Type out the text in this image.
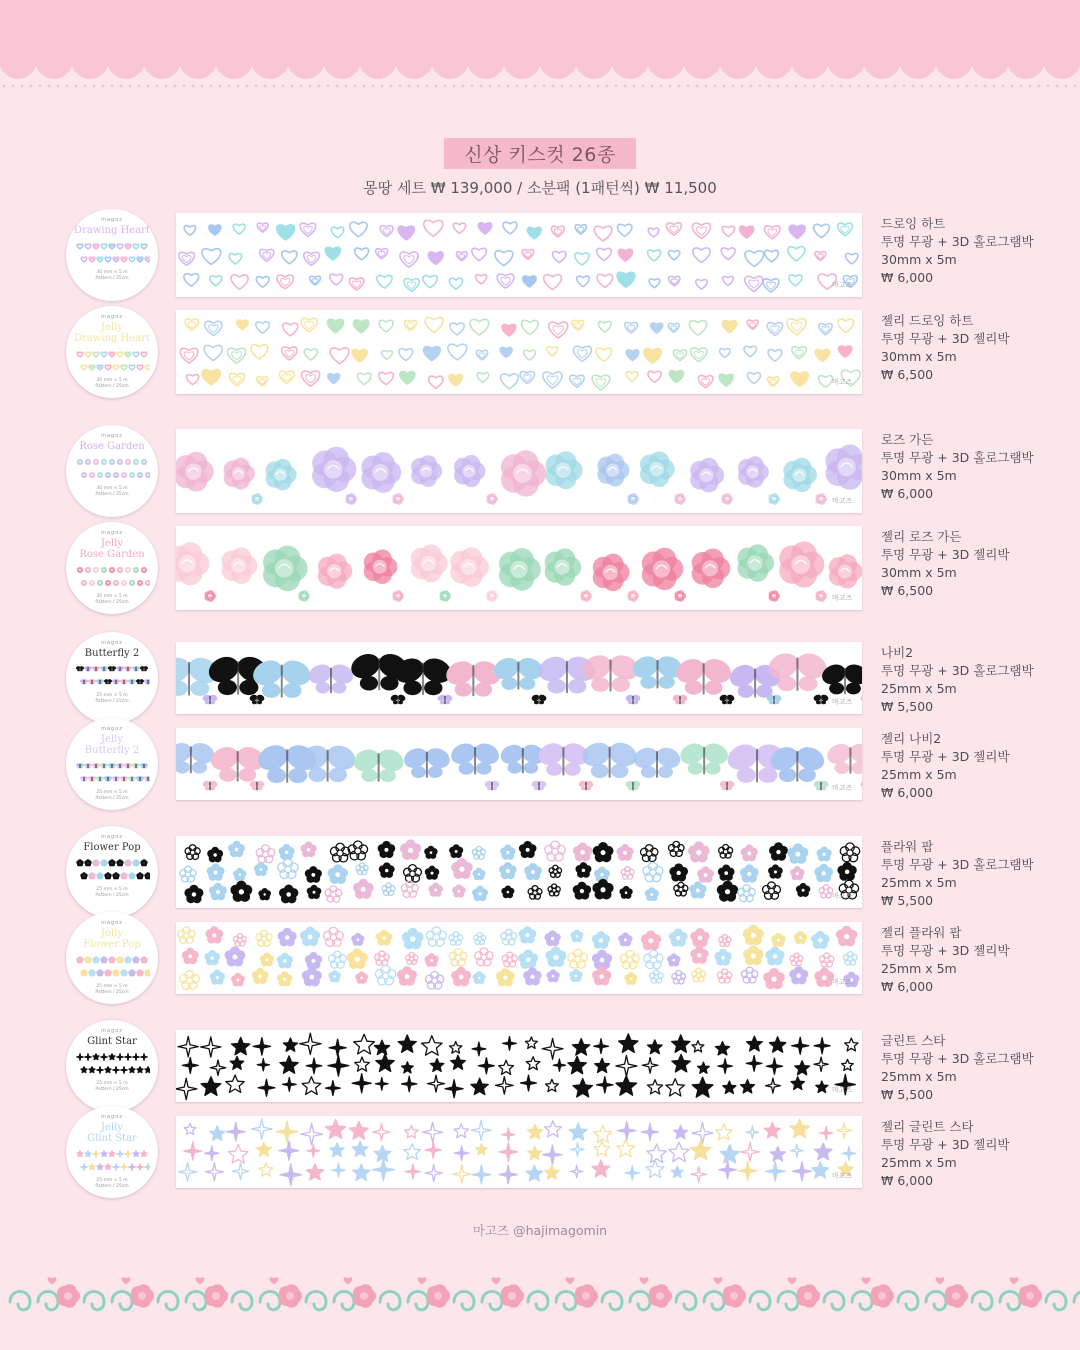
신상 키스컷 26종
몽땅 세트 ₩ 139,000 / 소분팩 (1패턴씩) ₩ 11,500
magoz
Drawing Heart
30 mm × 5 m
Pattern / 25cm
마고즈
드로잉 하트
투명 무광 + 3D 홀로그램박
30mm x 5m
₩ 6,000
magoz
Jelly
Drawing Heart
30 mm × 5 m
Pattern / 25cm
마고즈
젤리 드로잉 하트
투명 무광 + 3D 젤리박
30mm x 5m
₩ 6,500
magoz
Rose Garden
30 mm × 5 m
Pattern / 25cm
마고즈
로즈 가든
투명 무광 + 3D 홀로그램박
30mm x 5m
₩ 6,000
magoz
Jelly
Rose Garden
30 mm × 5 m
Pattern / 25cm
마고즈
젤리 로즈 가든
투명 무광 + 3D 젤리박
30mm x 5m
₩ 6,500
magoz
Butterfly 2
25 mm × 5 m
Pattern / 25cm	마고즈
나비2
투명 무광 + 3D 홀로그램박
25mm x 5m
₩ 5,500
magoz
Jelly
Butterfly 2
25 mm × 5 m
Pattern / 25cm
마고즈
젤리 나비2
투명 무광 + 3D 젤리박
25mm x 5m
₩ 6,000
magoz
Flower Pop
25 mm × 5 m
Pattern / 25cm	마고즈
플라워 팝
투명 무광 + 3D 홀로그램박
25mm x 5m
₩ 5,500
magoz
Jelly
Flower Pop
25 mm × 5 m
Pattern / 25cm
마고즈
젤리 플라워 팝
투명 무광 + 3D 젤리박
25mm x 5m
₩ 6,000
magoz
Glint Star
25 mm × 5 m
Pattern / 25cm	마고즈
글린트 스타
투명 무광 + 3D 홀로그램박
25mm x 5m
₩ 5,500
magoz
Jelly
Glint Star
25 mm × 5 m
Pattern / 25cm
마고즈
젤리 글린트 스타
투명 무광 + 3D 젤리박
25mm x 5m
₩ 6,000
마고즈 @hajimagomin
